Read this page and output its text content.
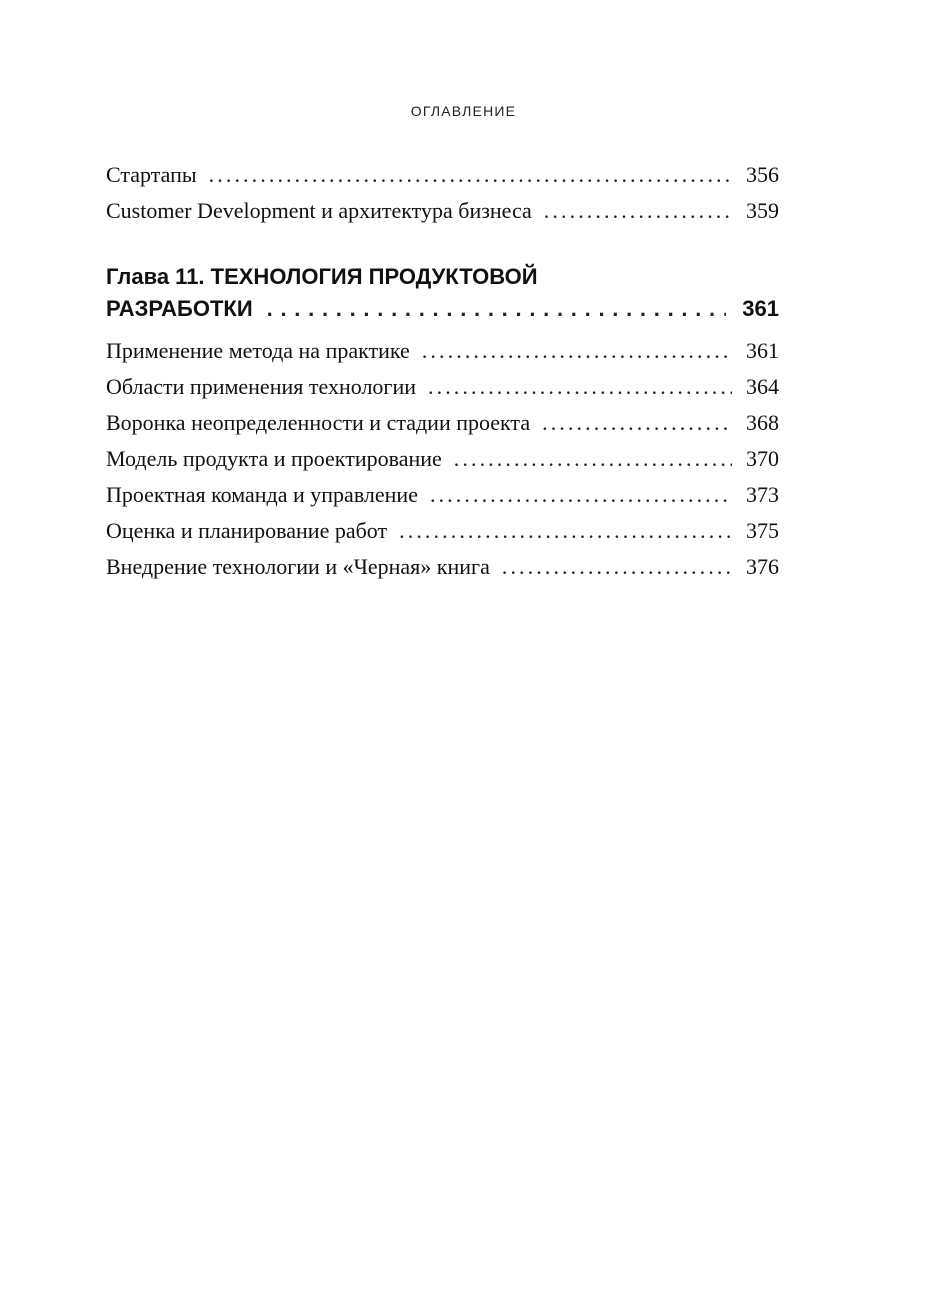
ОГЛАВЛЕНИЕ
Стартапы . . .	356
Customer Development и архитектура бизнеса . . .	359
Глава 11. ТЕХНОЛОГИЯ ПРОДУКТОВОЙ
РАЗРАБОТКИ . . .	361
Применение метода на практике . . .	361
Области применения технологии . . .	364
Воронка неопределенности и стадии проекта . . .	368
Модель продукта и проектирование . . .	370
Проектная команда и управление . . .	373
Оценка и планирование работ . . .	375
Внедрение технологии и «Черная» книга . . .	376
